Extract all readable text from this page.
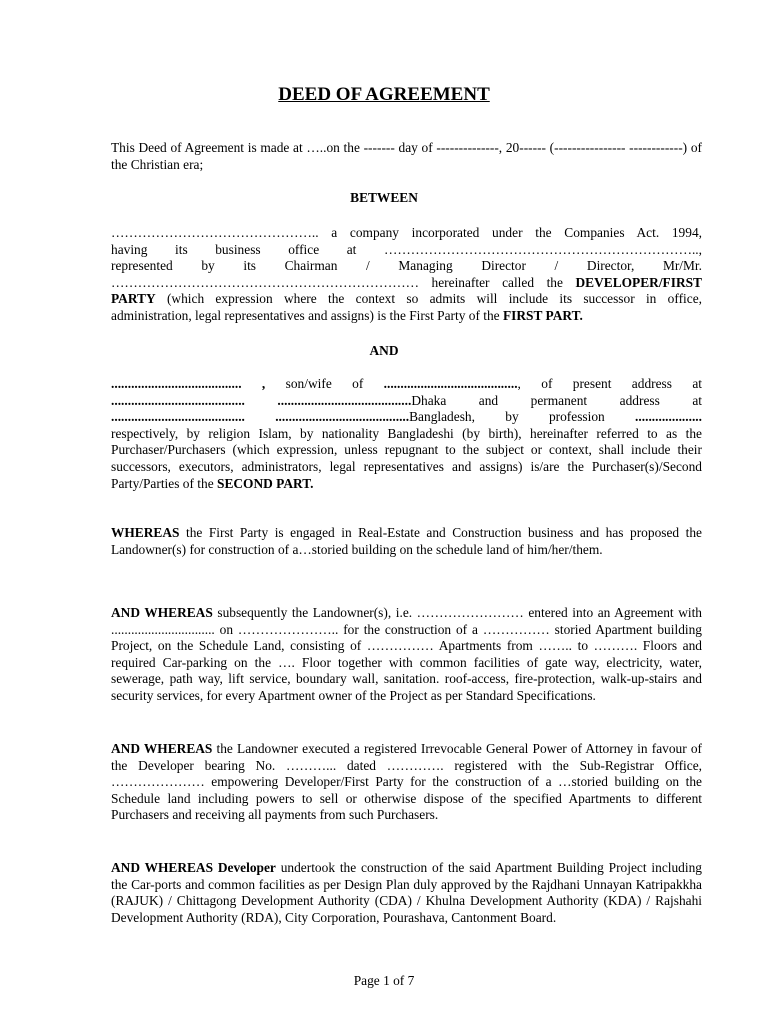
DEED OF AGREEMENT
This Deed of Agreement is made at …..on the ------- day of --------------, 20------ (---------------- ------------) of the Christian era;
BETWEEN
……………………………………….. a company incorporated under the Companies Act. 1994,
having its business office at ……………………………………………………………..,
represented by its Chairman / Managing Director / Director, Mr/Mr.
…………………………………………………………… hereinafter called the DEVELOPER/FIRST
PARTY (which expression where the context so admits will include its successor in office,
administration, legal representatives and assigns) is the First Party of the FIRST PART.
AND
....................................... , son/wife of ........................................, of present address at
........................................ ........................................Dhaka and permanent address at
........................................ ........................................Bangladesh, by profession ....................
respectively, by religion Islam, by nationality Bangladeshi (by birth), hereinafter referred to as the Purchaser/Purchasers (which expression, unless repugnant to the subject or context, shall include their successors, executors, administrators, legal representatives and assigns) is/are the Purchaser(s)/Second Party/Parties of the SECOND PART.
WHEREAS the First Party is engaged in Real-Estate and Construction business and has proposed the Landowner(s) for construction of a…storied building on the schedule land of him/her/them.
AND WHEREAS subsequently the Landowner(s), i.e. …………………… entered into an Agreement with ............................... on ………………….. for the construction of a …………… storied Apartment building Project, on the Schedule Land, consisting of …………… Apartments from …….. to ………. Floors and required Car-parking on the …. Floor together with common facilities of gate way, electricity, water, sewerage, path way, lift service, boundary wall, sanitation. roof-access, fire-protection, walk-up-stairs and security services, for every Apartment owner of the Project as per Standard Specifications.
AND WHEREAS the Landowner executed a registered Irrevocable General Power of Attorney in favour of the Developer bearing No. ………... dated …………. registered with the Sub-Registrar Office, ………………… empowering Developer/First Party for the construction of a …storied building on the Schedule land including powers to sell or otherwise dispose of the specified Apartments to different Purchasers and receiving all payments from such Purchasers.
AND WHEREAS Developer undertook the construction of the said Apartment Building Project including the Car-ports and common facilities as per Design Plan duly approved by the Rajdhani Unnayan Katripakkha (RAJUK) / Chittagong Development Authority (CDA) / Khulna Development Authority (KDA) / Rajshahi Development Authority (RDA), City Corporation, Pourashava, Cantonment Board.
Page 1 of 7
